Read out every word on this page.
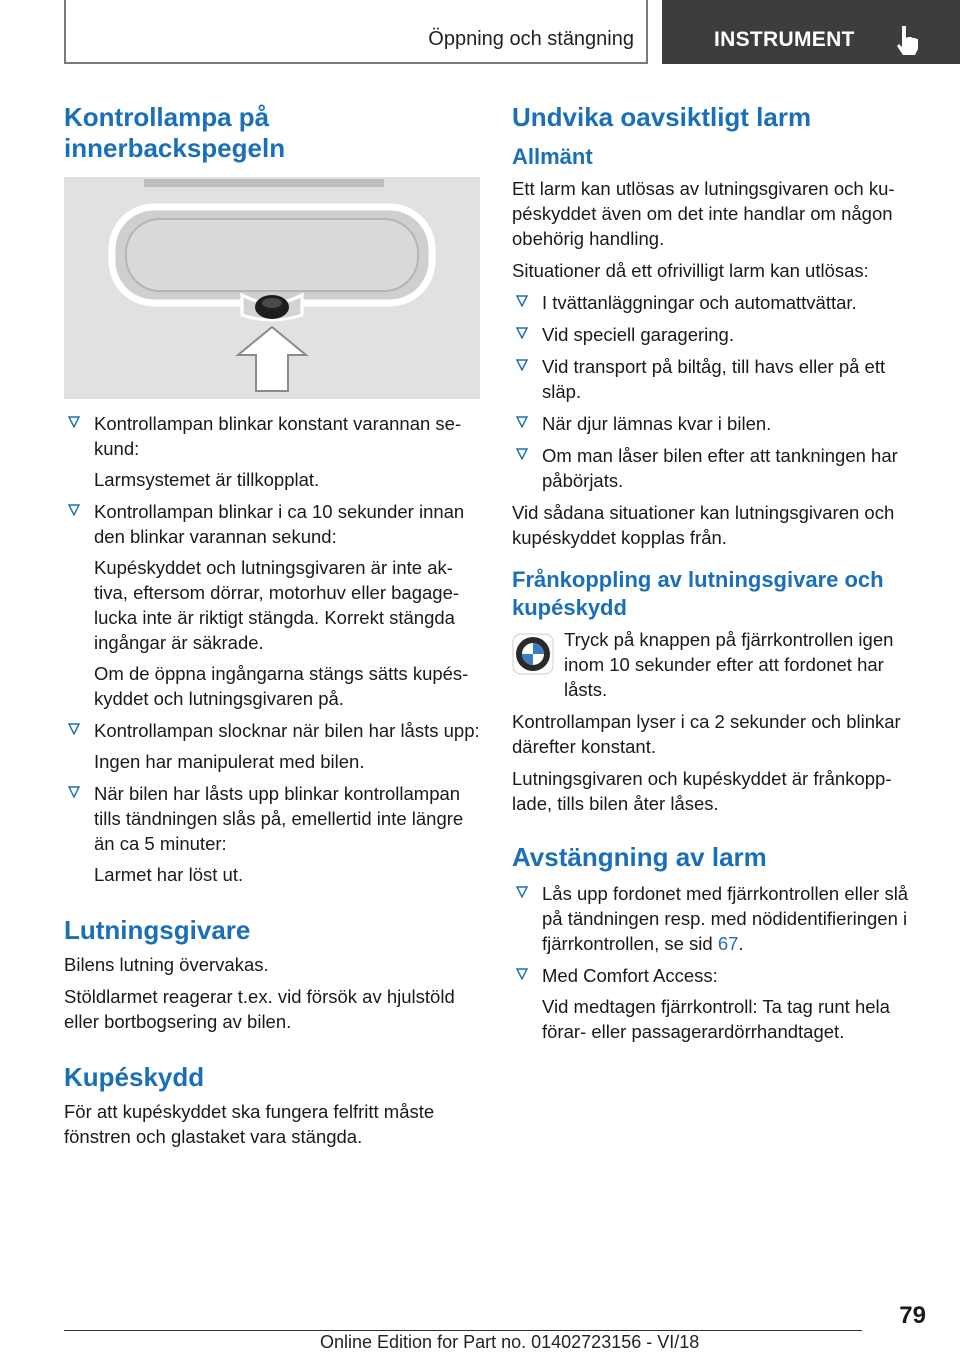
Öppning och stängning	INSTRUMENT
Kontrollampa på innerbackspegeln

Kontrollampan blinkar konstant varannan se-kund:

Larmsystemet är tillkopplat.

Kontrollampan blinkar i ca 10 sekunder innan den blinkar varannan sekund:

Kupéskyddet och lutningsgivaren är inte ak-tiva, eftersom dörrar, motorhuv eller bagage-lucka inte är riktigt stängda. Korrekt stängda ingångar är säkrade.

Om de öppna ingångarna stängs sätts kupés-kyddet och lutningsgivaren på.

Kontrollampan slocknar när bilen har låsts upp:

Ingen har manipulerat med bilen.

När bilen har låsts upp blinkar kontrollampan tills tändningen slås på, emellertid inte längre än ca 5 minuter:

Larmet har löst ut.

Lutningsgivare

Bilens lutning övervakas.

Stöldlarmet reagerar t.ex. vid försök av hjulstöld eller bortbogsering av bilen.

Kupéskydd

För att kupéskyddet ska fungera felfritt måste fönstren och glastaket vara stängda.

Undvika oavsiktligt larm
Allmänt

Ett larm kan utlösas av lutningsgivaren och ku-péskyddet även om det inte handlar om någon obehörig handling.

Situationer då ett ofrivilligt larm kan utlösas:

I tvättanläggningar och automattvättar.

Vid speciell garagering.

Vid transport på biltåg, till havs eller på ett släp.

När djur lämnas kvar i bilen.

Om man låser bilen efter att tankningen har påbörjats.

Vid sådana situationer kan lutningsgivaren och kupéskyddet kopplas från.

Frånkoppling av lutningsgivare och kupéskydd

Tryck på knappen på fjärrkontrollen igen inom 10 sekunder efter att fordonet har låsts.

Kontrollampan lyser i ca 2 sekunder och blinkar därefter konstant.

Lutningsgivaren och kupéskyddet är frånkopp-lade, tills bilen åter låses.

Avstängning av larm

Lås upp fordonet med fjärrkontrollen eller slå på tändningen resp. med nödidentifieringen i fjärrkontrollen, se sid 67.

Med Comfort Access:

Vid medtagen fjärrkontroll: Ta tag runt hela förar- eller passagerardörrhandtaget.

79
Online Edition for Part no. 01402723156 - VI/18
